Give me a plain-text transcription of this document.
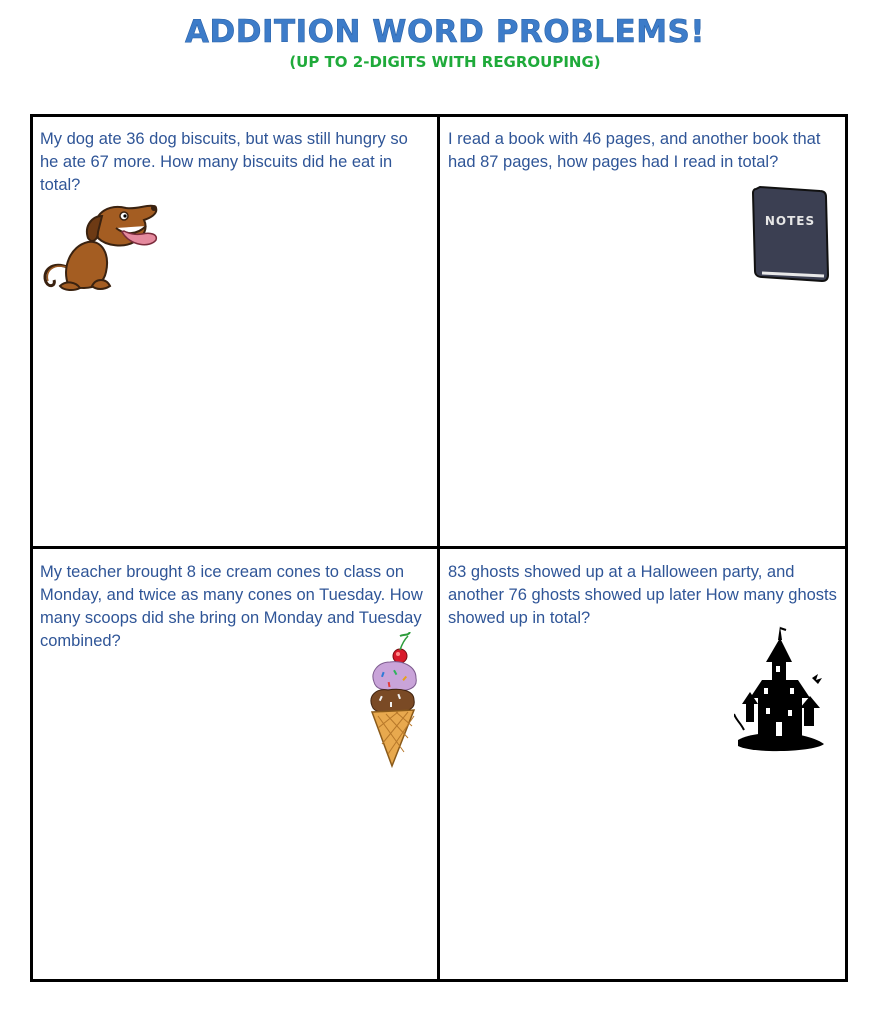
ADDITION WORD PROBLEMS!
(UP TO 2-DIGITS WITH REGROUPING)
My dog ate 36 dog biscuits, but was still hungry so he ate 67 more. How many biscuits did he eat in total?
I read a book with 46 pages, and another book that had 87 pages, how pages had I read in total?
My teacher brought 8 ice cream cones to class on Monday, and twice as many cones on Tuesday. How many scoops did she bring on Monday and Tuesday combined?
83 ghosts showed up at a Halloween party, and another 76 ghosts showed up later How many ghosts showed up in total?
NOTES
